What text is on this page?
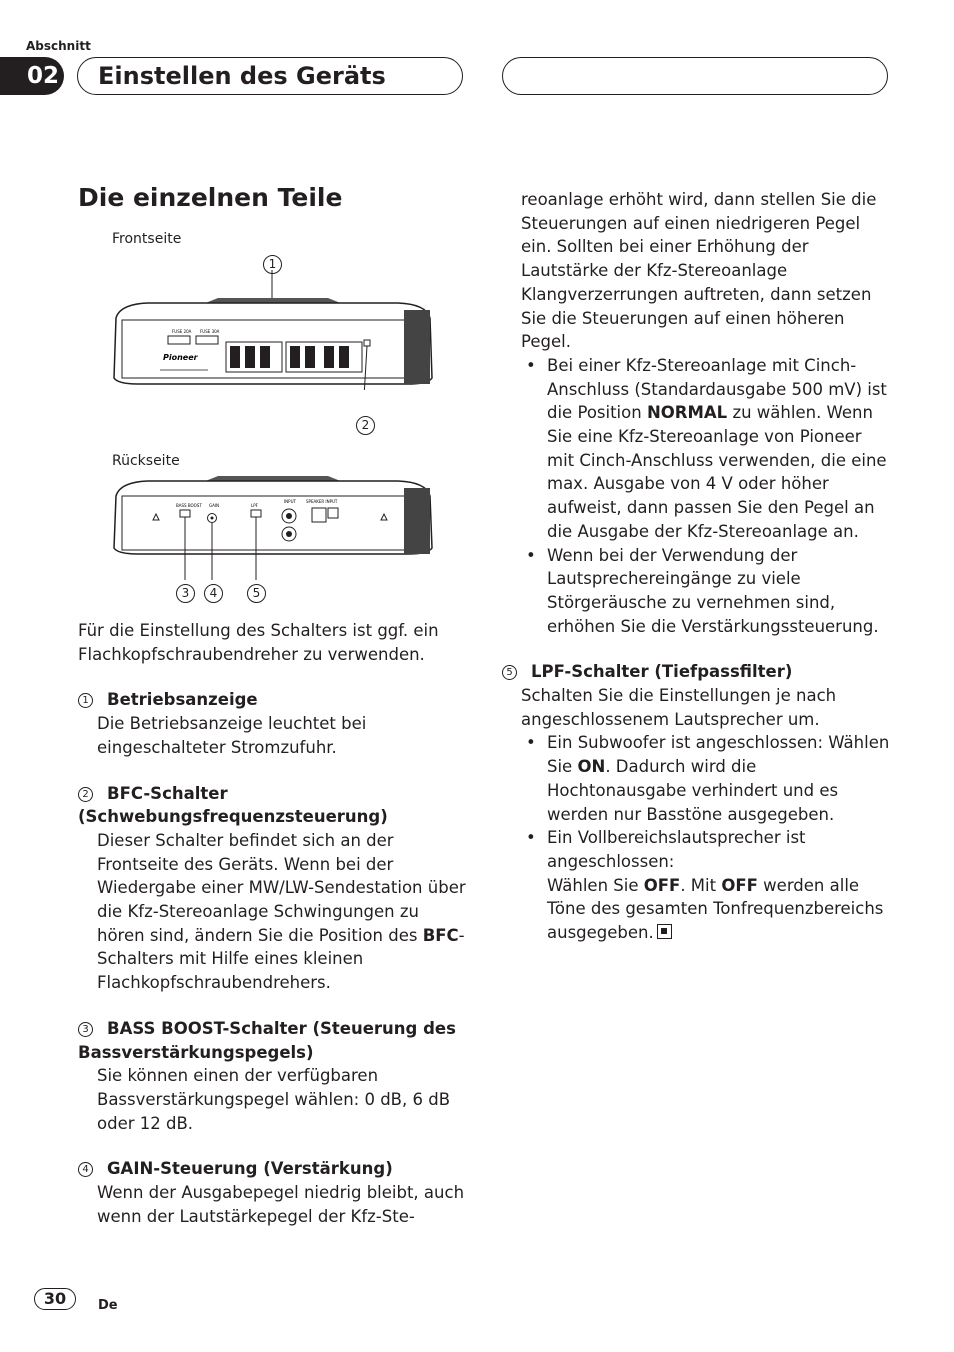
Abschnitt
02 Einstellen des Geräts
Die einzelnen Teile
Frontseite
1
2
FUSE 20A FUSE 30A
Pioneer
Rückseite
BASS BOOST GAIN	LPF
INPUT	SPEAKER INPUT
3	4	5

Für die Einstellung des Schalters ist ggf. ein Flachkopfschraubendreher zu verwenden.

1 Betriebsanzeige

Die Betriebsanzeige leuchtet bei eingeschalteter Stromzufuhr.

2 BFC-Schalter (Schwebungsfrequenzsteuerung)

Dieser Schalter befindet sich an der Frontseite des Geräts. Wenn bei der Wiedergabe einer MW/LW-Sendestation über die Kfz-Stereoanlage Schwingungen zu hören sind, ändern Sie die Position des BFC-Schalters mit Hilfe eines kleinen Flachkopfschraubendrehers.

3 BASS BOOST-Schalter (Steuerung des Bassverstärkungspegels)

Sie können einen der verfügbaren Bassverstärkungspegel wählen: 0 dB, 6 dB oder 12 dB.

4 GAIN-Steuerung (Verstärkung)

Wenn der Ausgabepegel niedrig bleibt, auch wenn der Lautstärkepegel der Kfz-Ste-

reoanlage erhöht wird, dann stellen Sie die Steuerungen auf einen niedrigeren Pegel ein. Sollten bei einer Erhöhung der Lautstärke der Kfz-Stereoanlage Klangverzerrungen auftreten, dann setzen Sie die Steuerungen auf einen höheren Pegel.

• Bei einer Kfz-Stereoanlage mit Cinch-Anschluss (Standardausgabe 500 mV) ist die Position NORMAL zu wählen. Wenn Sie eine Kfz-Stereoanlage von Pioneer mit Cinch-Anschluss verwenden, die eine max. Ausgabe von 4 V oder höher aufweist, dann passen Sie den Pegel an die Ausgabe der Kfz-Stereoanlage an.

• Wenn bei der Verwendung der Lautsprechereingänge zu viele Störgeräusche zu vernehmen sind, erhöhen Sie die Verstärkungssteuerung.

5 LPF-Schalter (Tiefpassfilter)

Schalten Sie die Einstellungen je nach angeschlossenem Lautsprecher um.

• Ein Subwoofer ist angeschlossen: Wählen Sie ON. Dadurch wird die Hochtonausgabe verhindert und es werden nur Basstöne ausgegeben.

• Ein Vollbereichslautsprecher ist angeschlossen:
Wählen Sie OFF. Mit OFF werden alle Töne des gesamten Tonfrequenzbereichs ausgegeben.

30	De
